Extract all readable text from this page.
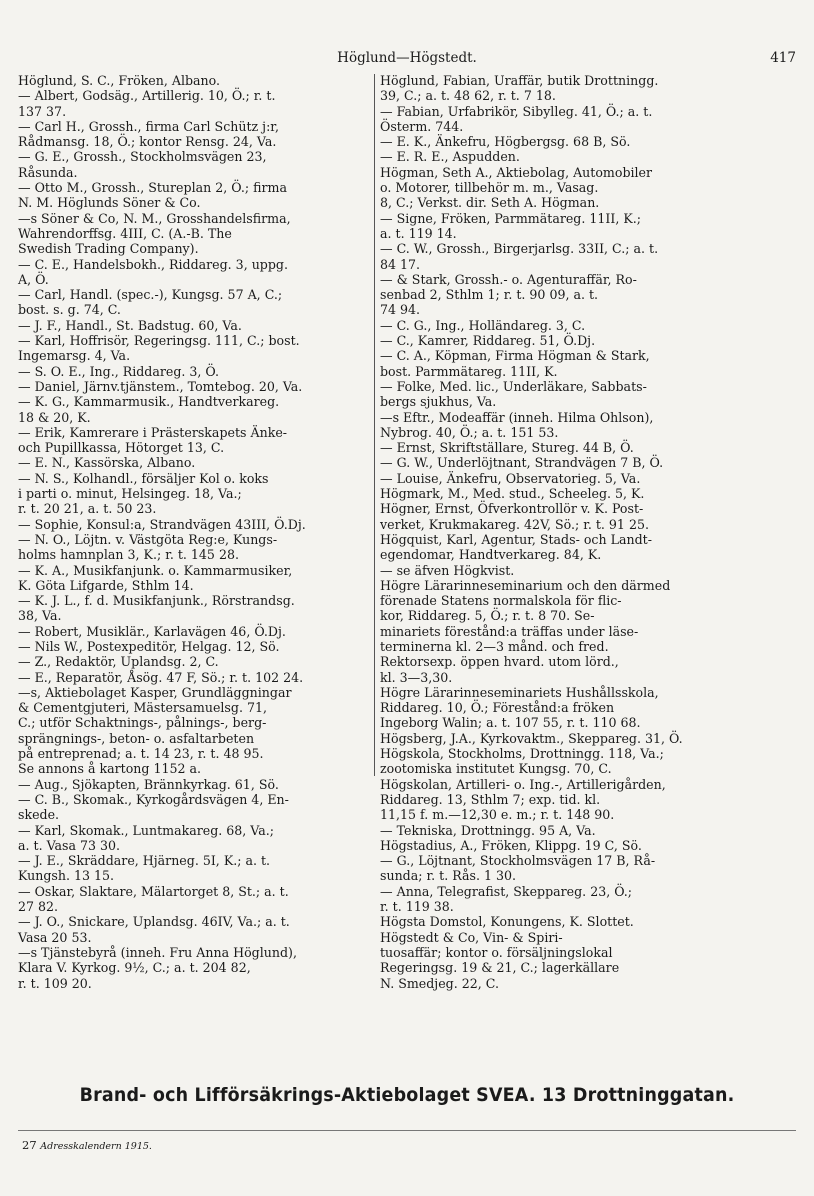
Höglund—Högstedt.	417
Höglund, S. C., Fröken, Albano.
— Albert, Godsäg., Artillerig. 10, Ö.; r. t.
137 37.
— Carl H., Grossh., firma Carl Schütz j:r,
Rådmansg. 18, Ö.; kontor Rensg. 24, Va.
— G. E., Grossh., Stockholmsvägen 23,
Råsunda.
— Otto M., Grossh., Stureplan 2, Ö.; firma
N. M. Höglunds Söner & Co.
—s Söner & Co, N. M., Grosshandelsfirma,
Wahrendorffsg. 4III, C. (A.-B. The
Swedish Trading Company).
— C. E., Handelsbokh., Riddareg. 3, uppg.
A, Ö.
— Carl, Handl. (spec.-), Kungsg. 57 A, C.;
bost. s. g. 74, C.
— J. F., Handl., St. Badstug. 60, Va.
— Karl, Hoffrisör, Regeringsg. 111, C.; bost.
Ingemarsg. 4, Va.
— S. O. E., Ing., Riddareg. 3, Ö.
— Daniel, Järnv.tjänstem., Tomtebog. 20, Va.
— K. G., Kammarmusik., Handtverkareg.
18 & 20, K.
— Erik, Kamrerare i Prästerskapets Änke-
och Pupillkassa, Hötorget 13, C.
— E. N., Kassörska, Albano.
— N. S., Kolhandl., försäljer Kol o. koks
i parti o. minut, Helsingeg. 18, Va.;
r. t. 20 21, a. t. 50 23.
— Sophie, Konsul:a, Strandvägen 43III, Ö.Dj.
— N. O., Löjtn. v. Västgöta Reg:e, Kungs-
holms hamnplan 3, K.; r. t. 145 28.
— K. A., Musikfanjunk. o. Kammarmusiker,
K. Göta Lifgarde, Sthlm 14.
— K. J. L., f. d. Musikfanjunk., Rörstrandsg.
38, Va.
— Robert, Musiklär., Karlavägen 46, Ö.Dj.
— Nils W., Postexpeditör, Helgag. 12, Sö.
— Z., Redaktör, Uplandsg. 2, C.
— E., Reparatör, Åsög. 47 F, Sö.; r. t. 102 24.
—s, Aktiebolaget Kasper, Grundläggningar
& Cementgjuteri, Mästersamuelsg. 71,
C.; utför Schaktnings-, pålnings-, berg-
sprängnings-, beton- o. asfaltarbeten
på entreprenad; a. t. 14 23, r. t. 48 95.
Se annons å kartong 1152 a.
— Aug., Sjökapten, Brännkyrkag. 61, Sö.
— C. B., Skomak., Kyrkogårdsvägen 4, En-
skede.
— Karl, Skomak., Luntmakareg. 68, Va.;
a. t. Vasa 73 30.
— J. E., Skräddare, Hjärneg. 5I, K.; a. t.
Kungsh. 13 15.
— Oskar, Slaktare, Mälartorget 8, St.; a. t.
27 82.
— J. O., Snickare, Uplandsg. 46IV, Va.; a. t.
Vasa 20 53.
—s Tjänstebyrå (inneh. Fru Anna Höglund),
Klara V. Kyrkog. 9½, C.; a. t. 204 82,
r. t. 109 20.
Höglund, Fabian, Uraffär, butik Drottningg.
39, C.; a. t. 48 62, r. t. 7 18.
— Fabian, Urfabrikör, Sibylleg. 41, Ö.; a. t.
Österm. 744.
— E. K., Änkefru, Högbergsg. 68 B, Sö.
— E. R. E., Aspudden.
Högman, Seth A., Aktiebolag, Automobiler
o. Motorer, tillbehör m. m., Vasag.
8, C.; Verkst. dir. Seth A. Högman.
— Signe, Fröken, Parmmätareg. 11II, K.;
a. t. 119 14.
— C. W., Grossh., Birgerjarlsg. 33II, C.; a. t.
84 17.
— & Stark, Grossh.- o. Agenturaffär, Ro-
senbad 2, Sthlm 1; r. t. 90 09, a. t.
74 94.
— C. G., Ing., Holländareg. 3, C.
— C., Kamrer, Riddareg. 51, Ö.Dj.
— C. A., Köpman, Firma Högman & Stark,
bost. Parmmätareg. 11II, K.
— Folke, Med. lic., Underläkare, Sabbats-
bergs sjukhus, Va.
—s Eftr., Modeaffär (inneh. Hilma Ohlson),
Nybrog. 40, Ö.; a. t. 151 53.
— Ernst, Skriftställare, Stureg. 44 B, Ö.
— G. W., Underlöjtnant, Strandvägen 7 B, Ö.
— Louise, Änkefru, Observatorieg. 5, Va.
Högmark, M., Med. stud., Scheeleg. 5, K.
Högner, Ernst, Öfverkontrollör v. K. Post-
verket, Krukmakareg. 42V, Sö.; r. t. 91 25.
Högquist, Karl, Agentur, Stads- och Landt-
egendomar, Handtverkareg. 84, K.
— se äfven Högkvist.
Högre Lärarinneseminarium och den därmed
förenade Statens normalskola för flic-
kor, Riddareg. 5, Ö.; r. t. 8 70. Se-
minariets förestånd:a träffas under läse-
terminerna kl. 2—3 månd. och fred.
Rektorsexp. öppen hvard. utom lörd.,
kl. 3—3,30.
Högre Lärarinneseminariets Hushållsskola,
Riddareg. 10, Ö.; Förestånd:a fröken
Ingeborg Walin; a. t. 107 55, r. t. 110 68.
Högsberg, J.A., Kyrkovaktm., Skeppareg. 31, Ö.
Högskola, Stockholms, Drottningg. 118, Va.;
zootomiska institutet Kungsg. 70, C.
Högskolan, Artilleri- o. Ing.-, Artillerigården,
Riddareg. 13, Sthlm 7; exp. tid. kl.
11,15 f. m.—12,30 e. m.; r. t. 148 90.
— Tekniska, Drottningg. 95 A, Va.
Högstadius, A., Fröken, Klippg. 19 C, Sö.
— G., Löjtnant, Stockholmsvägen 17 B, Rå-
sunda; r. t. Rås. 1 30.
— Anna, Telegrafist, Skeppareg. 23, Ö.;
r. t. 119 38.
Högsta Domstol, Konungens, K. Slottet.
Högstedt & Co, Vin- & Spiri-
tuosaffär; kontor o. försäljningslokal
Regeringsg. 19 & 21, C.; lagerkällare
N. Smedjeg. 22, C.
Brand- och Lifförsäkrings-Aktiebolaget SVEA. 13 Drottninggatan.
27 Adresskalendern 1915.
